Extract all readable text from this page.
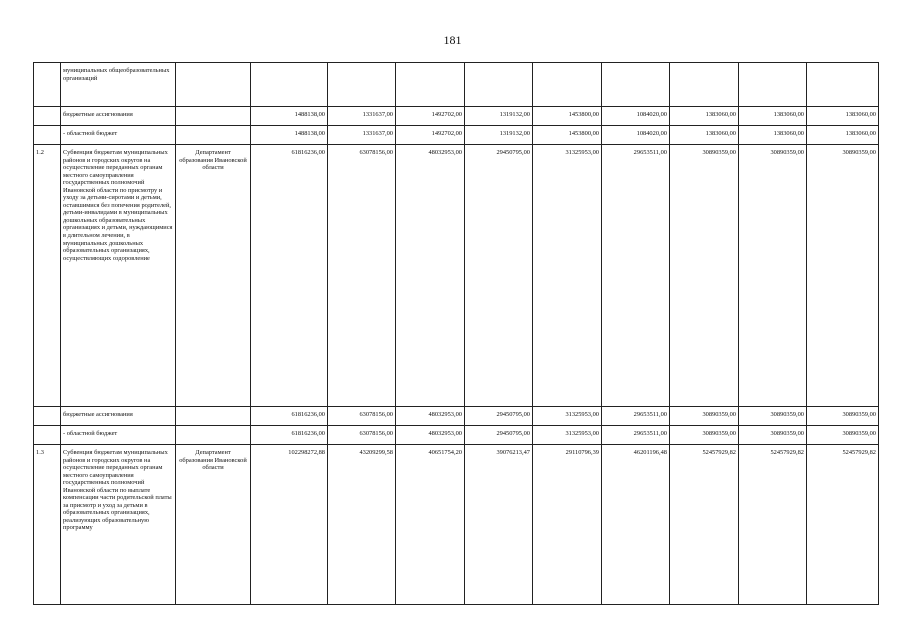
181
	муниципальных общеобразовательных организаций										
	бюджетные ассигнования		1488138,00	1331637,00	1492702,00	1319132,00	1453800,00	1084020,00	1383060,00	1383060,00	1383060,00
	- областной бюджет		1488138,00	1331637,00	1492702,00	1319132,00	1453800,00	1084020,00	1383060,00	1383060,00	1383060,00
1.2	Субвенция бюджетам муниципальных районов и городских округов на осуществление переданных органам местного самоуправления государственных полномочий Ивановской области по присмотру и уходу за детьми-сиротами и детьми, оставшимися без попечения родителей, детьми-инвалидами в муниципальных дошкольных образовательных организациях и детьми, нуждающимися в длительном лечении, в муниципальных дошкольных образовательных организациях, осуществляющих оздоровление	Департамент образования Ивановской области	61816236,00	63078156,00	48032953,00	29450795,00	31325953,00	29653511,00	30890359,00	30890359,00	30890359,00
	бюджетные ассигнования		61816236,00	63078156,00	48032953,00	29450795,00	31325953,00	29653511,00	30890359,00	30890359,00	30890359,00
	- областной бюджет		61816236,00	63078156,00	48032953,00	29450795,00	31325953,00	29653511,00	30890359,00	30890359,00	30890359,00
1.3	Субвенция бюджетам муниципальных районов и городских округов на осуществление переданных органам местного самоуправления государственных полномочий Ивановской области по выплате компенсации части родительской платы за присмотр и уход за детьми в образовательных организациях, реализующих образовательную программу	Департамент образования Ивановской области	102298272,88	43209299,58	40651754,20	39076213,47	29110796,39	46201196,48	52457929,82	52457929,82	52457929,82
